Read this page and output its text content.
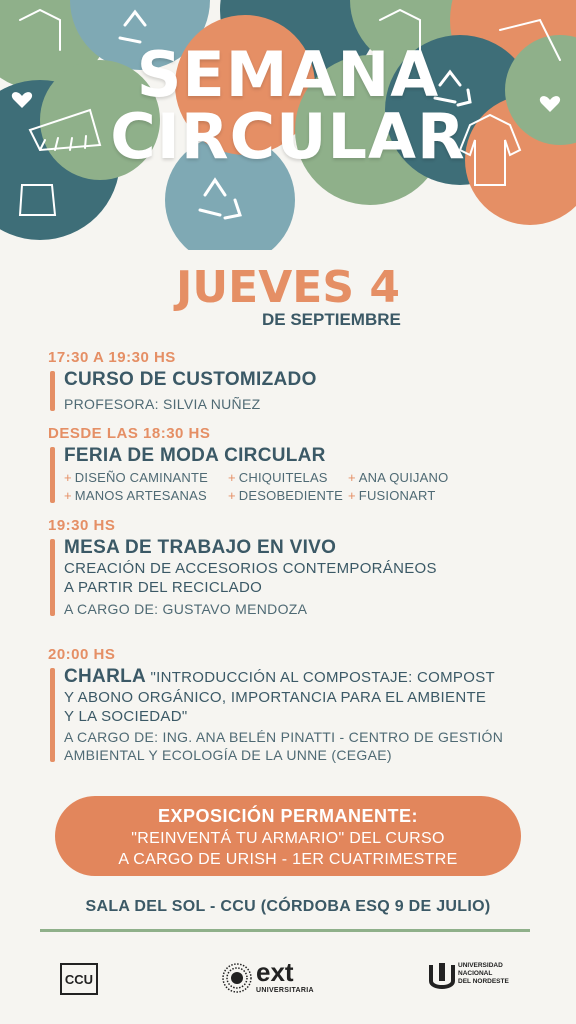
SEMANA
CIRCULAR
JUEVES 4
DE SEPTIEMBRE
17:30 A 19:30 HS
CURSO DE CUSTOMIZADO
PROFESORA: SILVIA NUÑEZ
DESDE LAS 18:30 HS
FERIA DE MODA CIRCULAR
+ DISEÑO CAMINANTE	+ CHIQUITELAS	+ ANA QUIJANO
+ MANOS ARTESANAS	+ DESOBEDIENTE + FUSIONART
19:30 HS
MESA DE TRABAJO EN VIVO
CREACIÓN DE ACCESORIOS CONTEMPORÁNEOS
A PARTIR DEL RECICLADO
A CARGO DE: GUSTAVO MENDOZA
20:00 HS
CHARLA "INTRODUCCIÓN AL COMPOSTAJE: COMPOST
Y ABONO ORGÁNICO, IMPORTANCIA PARA EL AMBIENTE
Y LA SOCIEDAD"
A CARGO DE: ING. ANA BELÉN PINATTI - CENTRO DE GESTIÓN
AMBIENTAL Y ECOLOGÍA DE LA UNNE (CEGAE)
EXPOSICIÓN PERMANENTE:
"REINVENTÁ TU ARMARIO" DEL CURSO
A CARGO DE URISH - 1ER CUATRIMESTRE
SALA DEL SOL - CCU (CÓRDOBA ESQ 9 DE JULIO)
CCU	ext
UNIVERSITARIA
UNIVERSIDAD
NACIONAL
DEL NORDESTE
